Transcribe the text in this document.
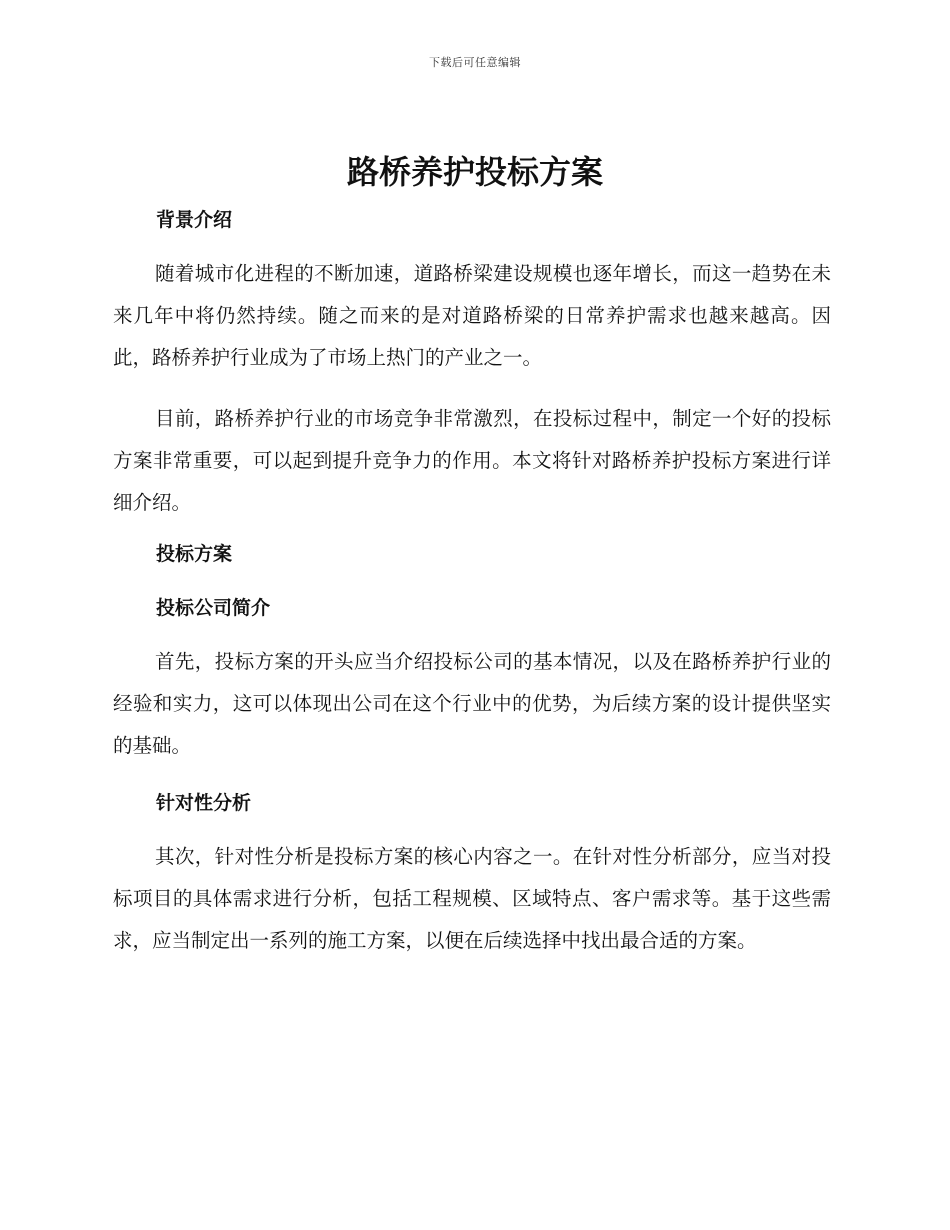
下载后可任意编辑
路桥养护投标方案
背景介绍

随着城市化进程的不断加速，道路桥梁建设规模也逐年增长，而这一趋势在未来几年中将仍然持续。随之而来的是对道路桥梁的日常养护需求也越来越高。因此，路桥养护行业成为了市场上热门的产业之一。

目前，路桥养护行业的市场竞争非常激烈，在投标过程中，制定一个好的投标方案非常重要，可以起到提升竞争力的作用。本文将针对路桥养护投标方案进行详细介绍。

投标方案
投标公司简介

首先，投标方案的开头应当介绍投标公司的基本情况，以及在路桥养护行业的经验和实力，这可以体现出公司在这个行业中的优势，为后续方案的设计提供坚实的基础。

针对性分析

其次，针对性分析是投标方案的核心内容之一。在针对性分析部分，应当对投标项目的具体需求进行分析，包括工程规模、区域特点、客户需求等。基于这些需求，应当制定出一系列的施工方案，以便在后续选择中找出最合适的方案。
